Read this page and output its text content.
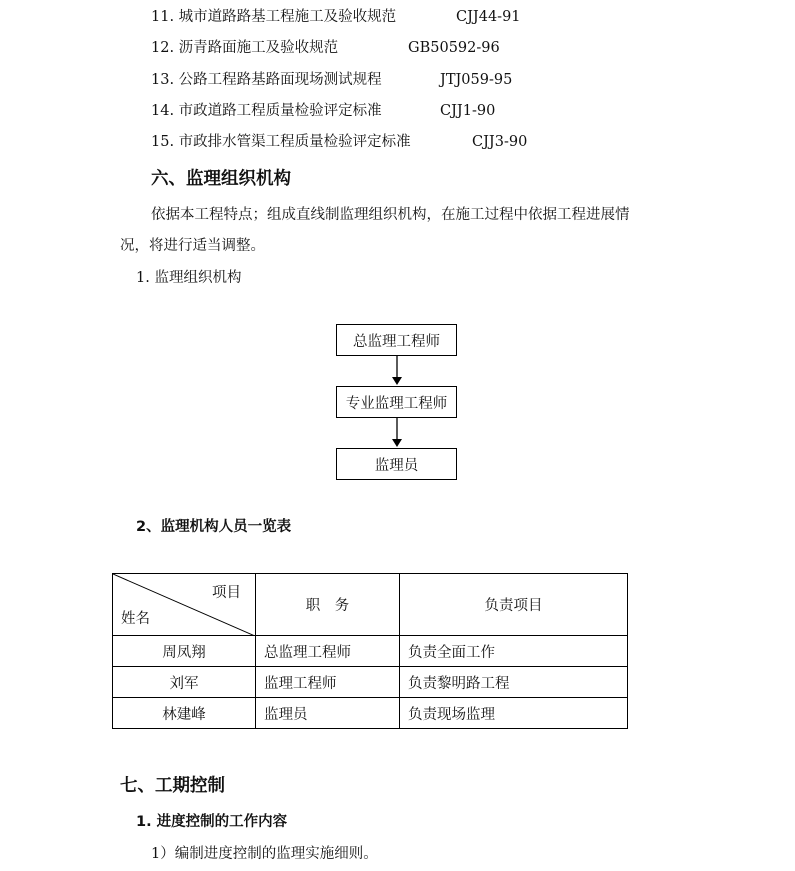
11. 城市道路路基工程施工及验收规范	CJJ44-91
12. 沥青路面施工及验收规范	GB50592-96
13. 公路工程路基路面现场测试规程	JTJ059-95
14. 市政道路工程质量检验评定标准	CJJ1-90
15. 市政排水管渠工程质量检验评定标准	CJJ3-90
六、监理组织机构
依据本工程特点；组成直线制监理组织机构，在施工过程中依据工程进展情
况，将进行适当调整。
1. 监理组织机构
总监理工程师
专业监理工程师
监理员
2、监理机构人员一览表
项目
姓名	职　务	负责项目
周凤翔	总监理工程师	负责全面工作
刘军	监理工程师	负责黎明路工程
林建峰	监理员	负责现场监理
七、工期控制
1. 进度控制的工作内容
1）编制进度控制的监理实施细则。
